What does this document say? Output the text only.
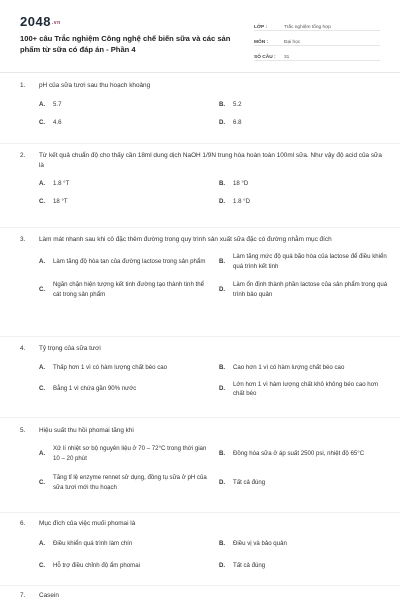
2048.vn
100+ câu Trắc nghiệm Công nghệ chế biến sữa và các sản phẩm từ sữa có đáp án - Phần 4
LỚP :	Trắc nghiệm tổng hợp
MÔN :	Đại học
SỐ CÂU :	31
1.	pH của sữa tươi sau thu hoạch khoảng
A.	5.7	B.	5.2
C.	4.6	D.	6.8
2.	Từ kết quả chuẩn độ cho thấy cần 18ml dung dịch NaOH 1/9N trung hòa hoàn toàn 100ml sữa. Như vậy độ acid của sữa là
A.	1.8 °T	B.	18 °D
C.	18 °T	D.	1.8 °D
3.	Làm mát nhanh sau khi cô đặc thêm đường trong quy trình sản xuất sữa đặc có đường nhằm mục đích
A.	Làm tăng độ hòa tan của đường lactose trong sản phẩm	B.
Làm tăng mức độ quá bão hòa của lactose để điều khiển quá trình kết tinh
C.
Ngăn chặn hiện tượng kết tinh đường tạo thành tinh thể cát trong sản phẩm
D.
Làm ổn định thành phần lactose của sản phẩm trong quá trình bảo quản
4.	Tỷ trọng của sữa tươi
A.	Thấp hơn 1 vì có hàm lượng chất béo cao	B.	Cao hơn 1 vì có hàm lượng chất béo cao
C.	Bằng 1 vì chứa gần 90% nước	D.
Lớn hơn 1 vì hàm lượng chất khô không béo cao hơn chất béo
5.	Hiệu suất thu hồi phomai tăng khi
A.
Xử lí nhiệt sơ bộ nguyên liệu ở 70 – 72°C trong thời gian 10 – 20 phút
B.	Đồng hóa sữa ở áp suất 2500 psi, nhiệt độ 65°C
C.
Tăng tỉ lệ enzyme rennet sử dụng, đồng tụ sữa ở pH của sữa tươi mới thu hoạch
D.	Tất cả đúng
6.	Mục đích của việc muối phomai là
A.	Điều khiển quá trình làm chín	B.	Điều vị và bảo quản
C.	Hỗ trợ điều chỉnh độ ẩm phomai	D.	Tất cả đúng
7.	Casein
